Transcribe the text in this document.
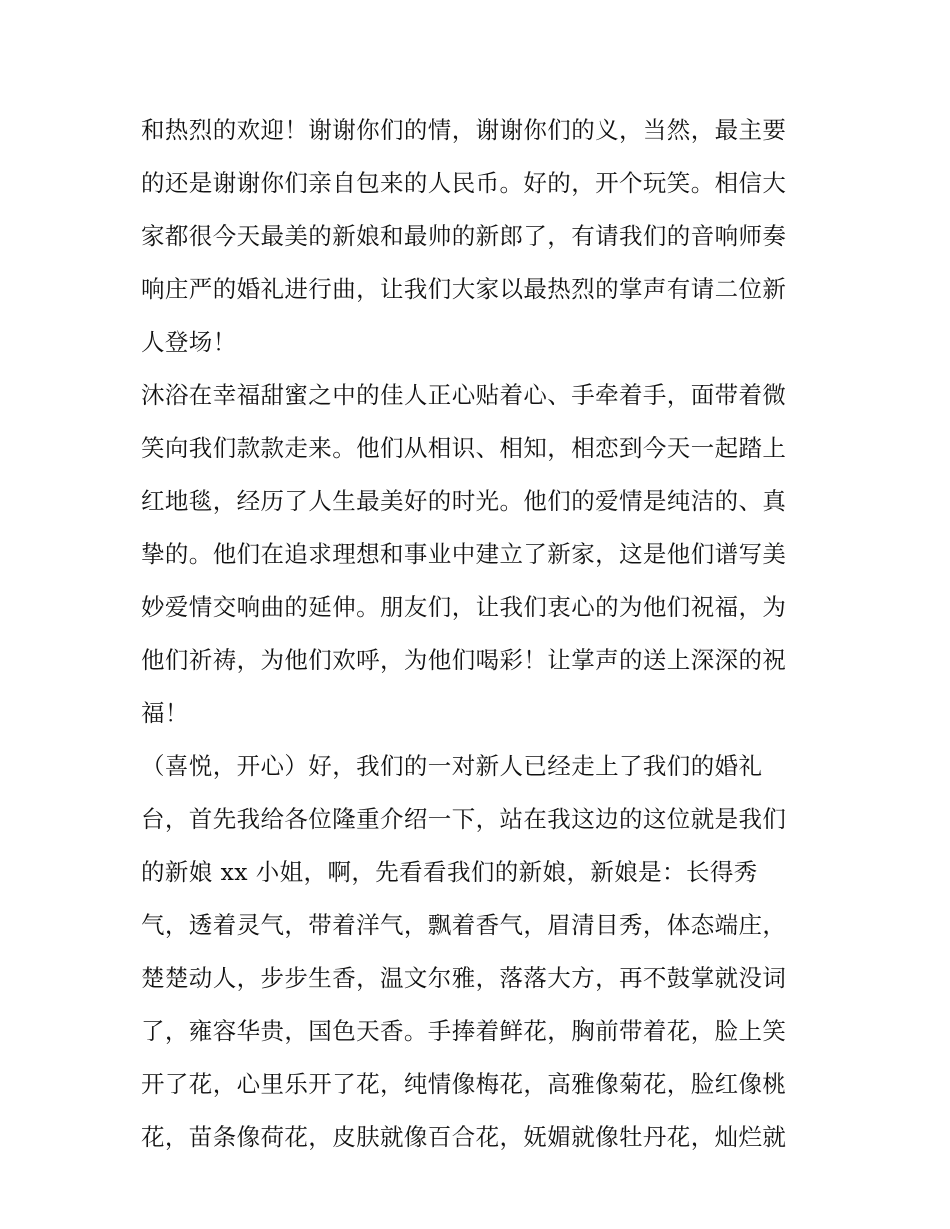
和热烈的欢迎！谢谢你们的情，谢谢你们的义，当然，最主要
的还是谢谢你们亲自包来的人民币。好的，开个玩笑。相信大
家都很今天最美的新娘和最帅的新郎了，有请我们的音响师奏
响庄严的婚礼进行曲，让我们大家以最热烈的掌声有请二位新
人登场！
沐浴在幸福甜蜜之中的佳人正心贴着心、手牵着手，面带着微
笑向我们款款走来。他们从相识、相知，相恋到今天一起踏上
红地毯，经历了人生最美好的时光。他们的爱情是纯洁的、真
挚的。他们在追求理想和事业中建立了新家，这是他们谱写美
妙爱情交响曲的延伸。朋友们，让我们衷心的为他们祝福，为
他们祈祷，为他们欢呼，为他们喝彩！让掌声的送上深深的祝
福！
（喜悦，开心）好，我们的一对新人已经走上了我们的婚礼
台，首先我给各位隆重介绍一下，站在我这边的这位就是我们
的新娘 xx 小姐，啊，先看看我们的新娘，新娘是：长得秀
气，透着灵气，带着洋气，飘着香气，眉清目秀，体态端庄，
楚楚动人，步步生香，温文尔雅，落落大方，再不鼓掌就没词
了，雍容华贵，国色天香。手捧着鲜花，胸前带着花，脸上笑
开了花，心里乐开了花，纯情像梅花，高雅像菊花，脸红像桃
花，苗条像荷花，皮肤就像百合花，妩媚就像牡丹花，灿烂就
